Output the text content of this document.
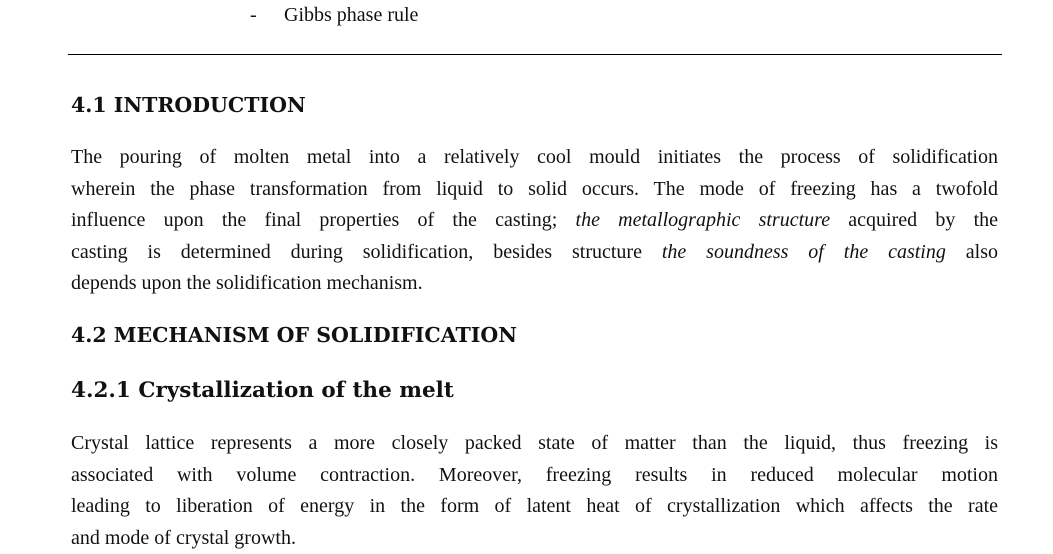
- Gibbs phase rule
4.1 INTRODUCTION

The pouring of molten metal into a relatively cool mould initiates the process of solidification
wherein the phase transformation from liquid to solid occurs. The mode of freezing has a twofold
influence upon the final properties of the casting; the metallographic structure acquired by the
casting is determined during solidification, besides structure the soundness of the casting also
depends upon the solidification mechanism.

4.2 MECHANISM OF SOLIDIFICATION
4.2.1 Crystallization of the melt

Crystal lattice represents a more closely packed state of matter than the liquid, thus freezing is
associated with volume contraction. Moreover, freezing results in reduced molecular motion
leading to liberation of energy in the form of latent heat of crystallization which affects the rate
and mode of crystal growth.
